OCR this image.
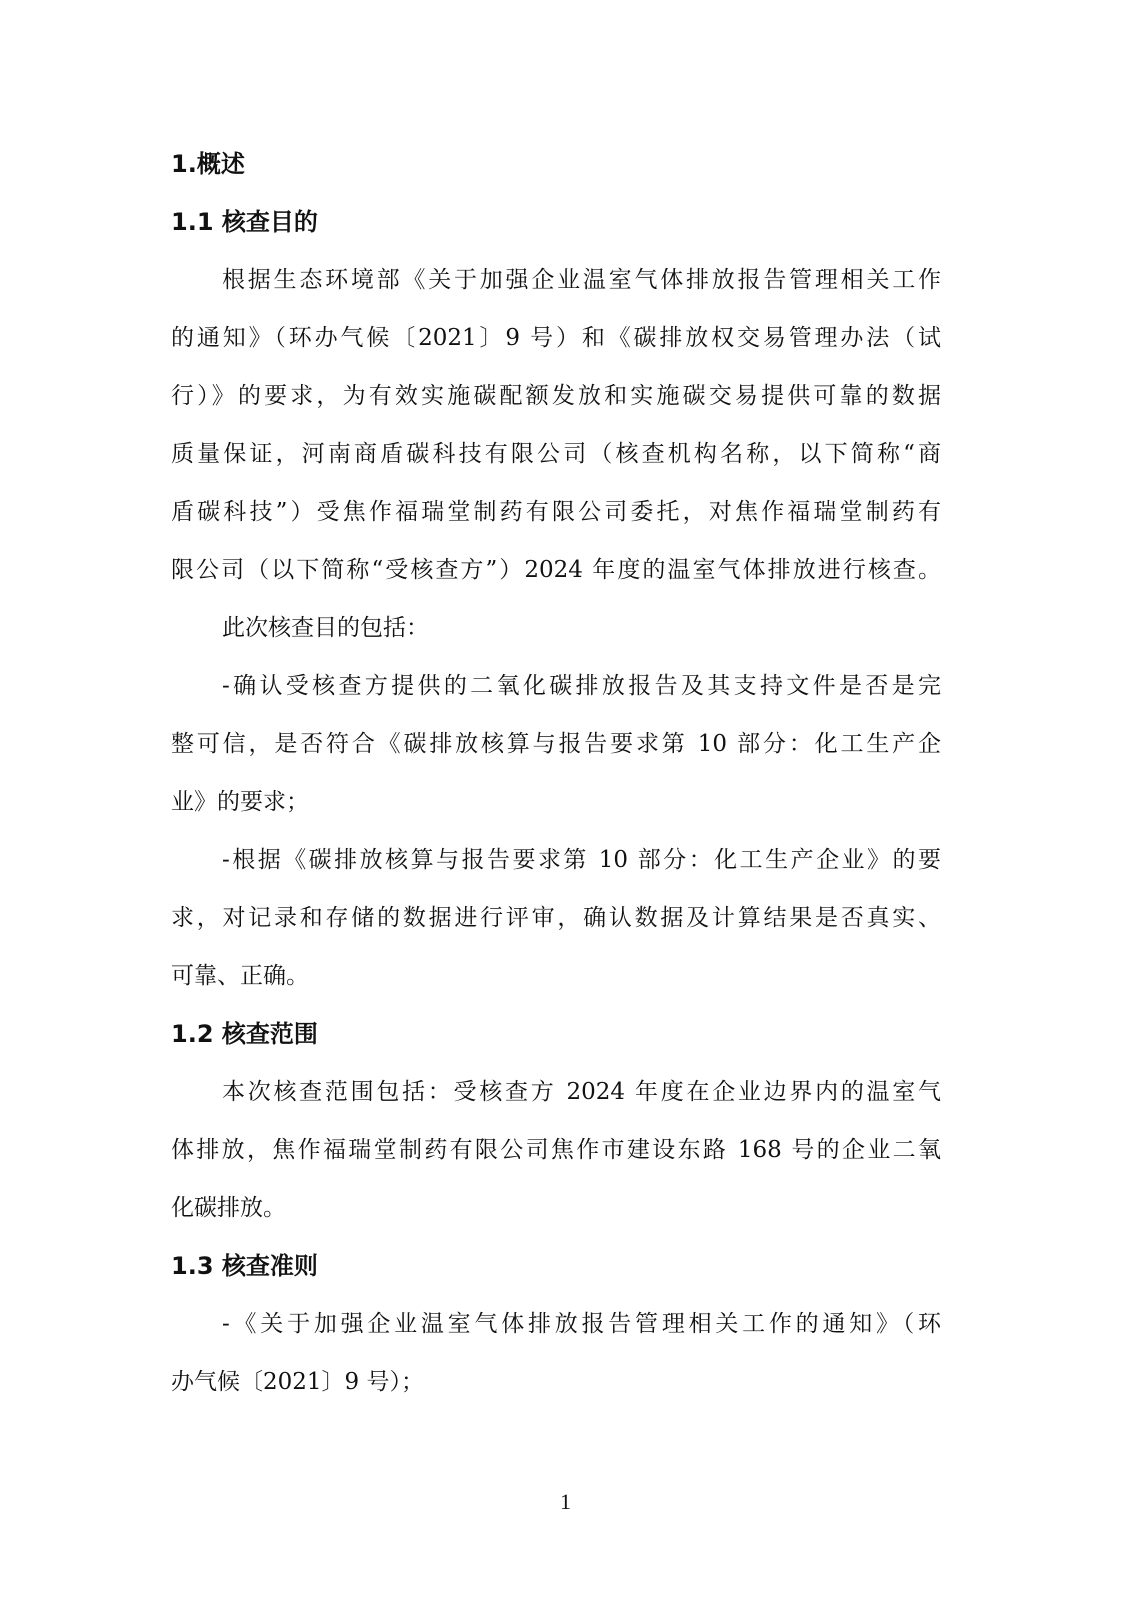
1.概述
1.1 核查目的
根据生态环境部《关于加强企业温室气体排放报告管理相关工作
的通知》（环办气候〔2021〕9 号）和《碳排放权交易管理办法（试
行）》的要求，为有效实施碳配额发放和实施碳交易提供可靠的数据
质量保证，河南商盾碳科技有限公司（核查机构名称，以下简称“商
盾碳科技”）受焦作福瑞堂制药有限公司委托，对焦作福瑞堂制药有
限公司（以下简称“受核查方”）2024 年度的温室气体排放进行核查。
此次核查目的包括：
-确认受核查方提供的二氧化碳排放报告及其支持文件是否是完
整可信，是否符合《碳排放核算与报告要求第 10 部分：化工生产企
业》的要求；
-根据《碳排放核算与报告要求第 10 部分：化工生产企业》的要
求，对记录和存储的数据进行评审，确认数据及计算结果是否真实、
可靠、正确。
1.2 核查范围
本次核查范围包括：受核查方 2024 年度在企业边界内的温室气
体排放，焦作福瑞堂制药有限公司焦作市建设东路 168 号的企业二氧
化碳排放。
1.3 核查准则
-《关于加强企业温室气体排放报告管理相关工作的通知》（环
办气候〔2021〕9 号）；
1
